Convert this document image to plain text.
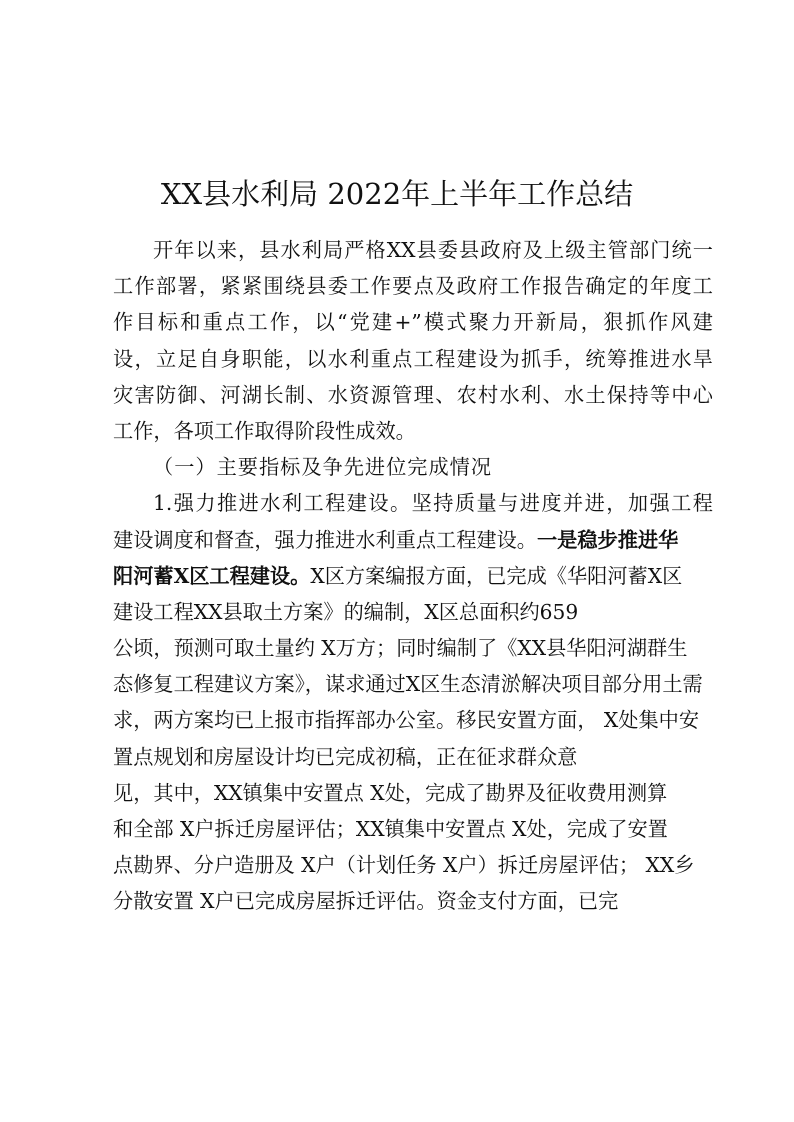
XX县水利局 2022年上半年工作总结
开年以来，县水利局严格XX县委县政府及上级主管部门统一
工作部署，紧紧围绕县委工作要点及政府工作报告确定的年度工
作目标和重点工作，以“党建+”模式聚力开新局，狠抓作风建
设，立足自身职能，以水利重点工程建设为抓手，统筹推进水旱
灾害防御、河湖长制、水资源管理、农村水利、水土保持等中心
工作，各项工作取得阶段性成效。
（一）主要指标及争先进位完成情况
1.强力推进水利工程建设。坚持质量与进度并进，加强工程
建设调度和督查，强力推进水利重点工程建设。一是稳步推进华
阳河蓄X区工程建设。X区方案编报方面，已完成《华阳河蓄X区
建设工程XX县取土方案》的编制，X区总面积约659
公顷，预测可取土量约 X万方；同时编制了《XX县华阳河湖群生
态修复工程建议方案》，谋求通过X区生态清淤解决项目部分用土需
求，两方案均已上报市指挥部办公室。移民安置方面， X处集中安
置点规划和房屋设计均已完成初稿，正在征求群众意
见，其中，XX镇集中安置点 X处，完成了勘界及征收费用测算
和全部 X户拆迁房屋评估；XX镇集中安置点 X处，完成了安置
点勘界、分户造册及 X户（计划任务 X户）拆迁房屋评估； XX乡
分散安置 X户已完成房屋拆迁评估。资金支付方面，已完
